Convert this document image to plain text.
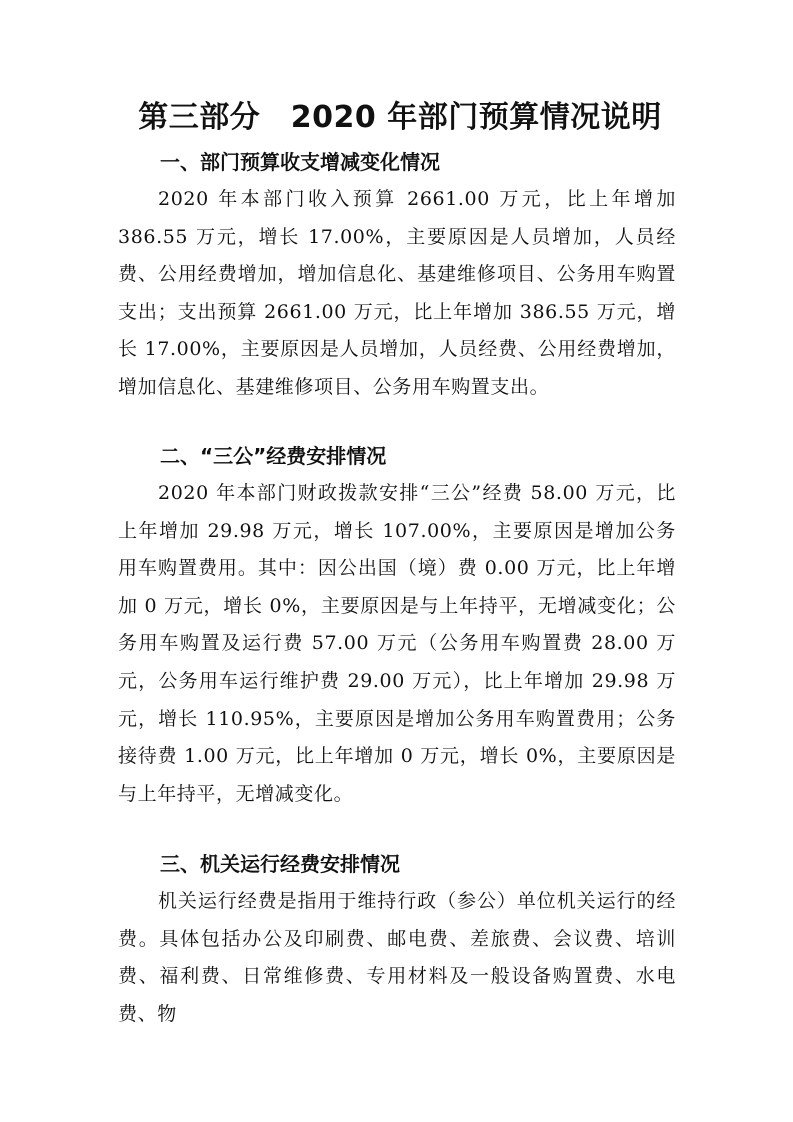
第三部分　2020 年部门预算情况说明
一、部门预算收支增减变化情况
2020 年本部门收入预算 2661.00 万元，比上年增加 386.55 万元，增长 17.00%，主要原因是人员增加，人员经费、公用经费增加，增加信息化、基建维修项目、公务用车购置支出；支出预算 2661.00 万元，比上年增加 386.55 万元，增长 17.00%，主要原因是人员增加，人员经费、公用经费增加，增加信息化、基建维修项目、公务用车购置支出。
二、“三公”经费安排情况
2020 年本部门财政拨款安排“三公”经费 58.00 万元，比上年增加 29.98 万元，增长 107.00%，主要原因是增加公务用车购置费用。其中：因公出国（境）费 0.00 万元，比上年增加 0 万元，增长 0%，主要原因是与上年持平，无增减变化；公务用车购置及运行费 57.00 万元（公务用车购置费 28.00 万元，公务用车运行维护费 29.00 万元），比上年增加 29.98 万元，增长 110.95%，主要原因是增加公务用车购置费用；公务接待费 1.00 万元，比上年增加 0 万元，增长 0%，主要原因是与上年持平，无增减变化。
三、机关运行经费安排情况
机关运行经费是指用于维持行政（参公）单位机关运行的经费。具体包括办公及印刷费、邮电费、差旅费、会议费、培训费、福利费、日常维修费、专用材料及一般设备购置费、水电费、物
